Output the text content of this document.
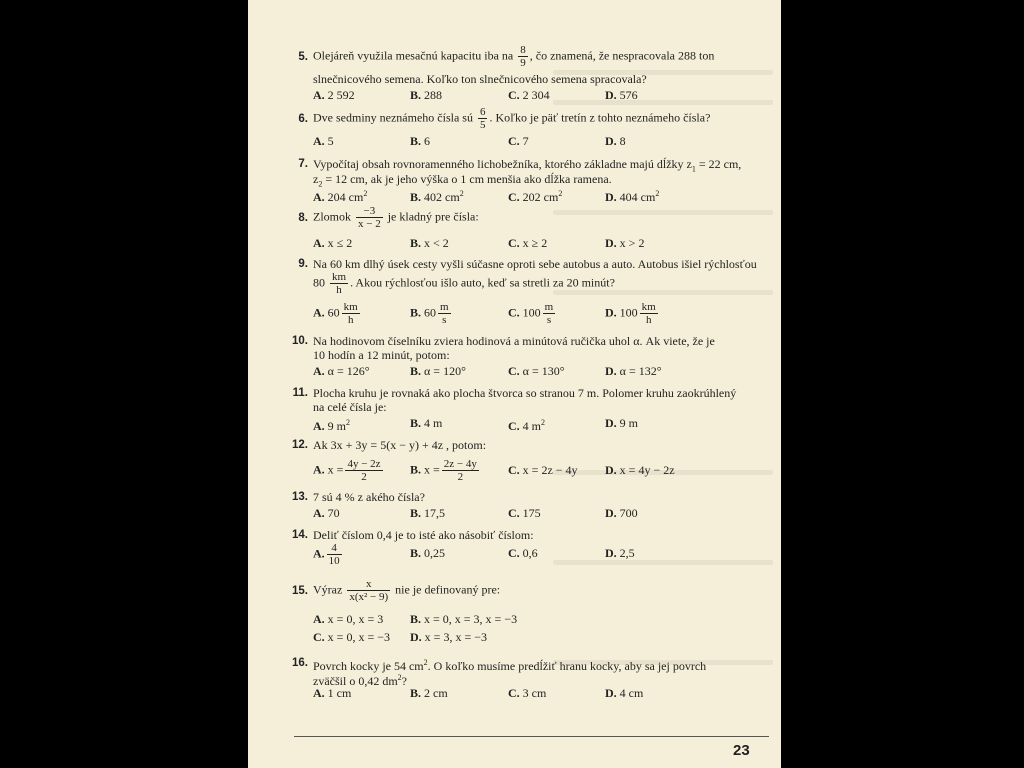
5. Olejáreň využila mesačnú kapacitu iba na $\frac{8}{9}$ , čo znamená, že nespracovala 288 ton
slnečnicového semena. Koľko ton slnečnicového semena spracovala?
A. 2 592	B. 288	C. 2 304	D. 576
6. Dve sedminy neznámeho čísla sú $\frac{6}{5}$ . Koľko je päť tretín z tohto neznámeho čísla?
A. 5	B. 6	C. 7	D. 8
7. Vypočítaj obsah rovnoramenného lichobežníka, ktorého základne majú dĺžky $z_1 = 22$ cm,
$z_2 = 12$ cm, ak je jeho výška o 1 cm menšia ako dĺžka ramena.
A. 204 $cm^2$	B. 402 $cm^2$	C. 202 $cm^2$	D. 404 $cm^2$
8. Zlomok $\frac{-3}{x - 2}$ je kladný pre čísla:
A. x ≤ 2	B. x < 2	C. x ≥ 2	D. x > 2
9. Na 60 km dlhý úsek cesty vyšli súčasne oproti sebe autobus a auto. Autobus išiel rýchlosťou
$80 \frac{km}{h}$ . Akou rýchlosťou išlo auto, keď sa stretli za 20 minút?
A. $60 \frac{km}{h}$	B. $60 \frac{m}{s}$	C. $100 \frac{m}{s}$	D. $100 \frac{km}{h}$
10. Na hodinovom číselníku zviera hodinová a minútová ručička uhol α. Ak viete, že je
10 hodín a 12 minút, potom:
A. α = 126°	B. α = 120°	C. α = 130°	D. α = 132°
11. Plocha kruhu je rovnaká ako plocha štvorca so stranou 7 m. Polomer kruhu zaokrúhlený
na celé čísla je:
A. 9 $m^2$	B. 4 m	C. 4 $m^2$	D. 9 m
12. Ak 3x + 3y = 5(x − y) + 4z , potom:
A. $x = \frac{4y - 2z}{2} B$. $x = \frac{2z - 4y}{2} C$. x = 2z − 4y D. x = 4y − 2z
13. 7 sú 4 % z akého čísla?
A. 70	B. 17,5	C. 175	D. 700
14. Deliť číslom 0,4 je to isté ako násobiť číslom:
A. $\frac{4}{10}$	B. 0,25	C. 0,6	D. 2,5
15. Výraz $\frac{x}{\text{x(x² − 9)}}$ nie je definovaný pre:
A. x = 0, x = 3 B. x = 0, x = 3, x = −3
C. x = 0, x = −3 D. x = 3, x = −3
16. Povrch kocky je 54 $cm^2$. O koľko musíme predĺžiť hranu kocky, aby sa jej povrch
zväčšil o 0,42 $dm^2$?
A. 1 cm	B. 2 cm	C. 3 cm	D. 4 cm
23
